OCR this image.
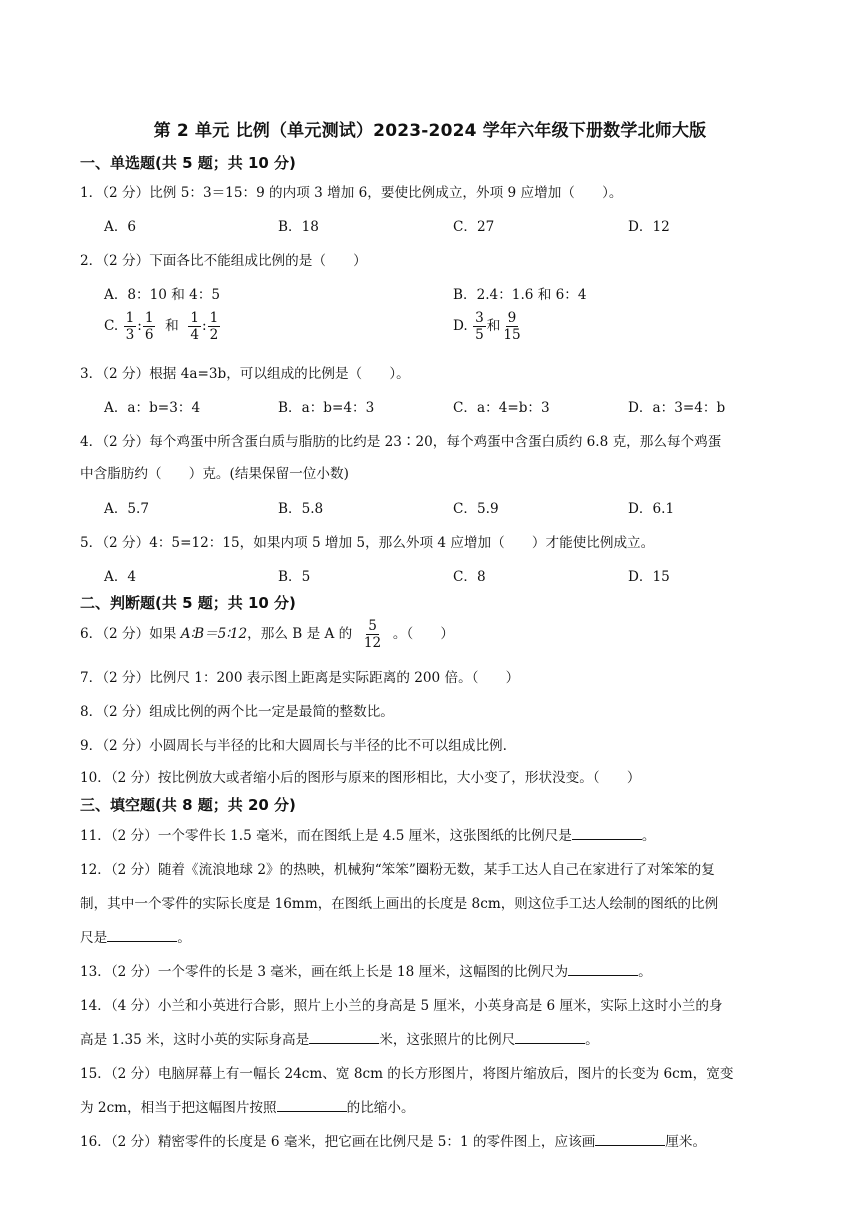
第 2 单元 比例（单元测试）2023-2024 学年六年级下册数学北师大版
一、单选题(共 5 题；共 10 分)
1．（2 分）比例 5：3＝15：9 的内项 3 增加 6，要使比例成立，外项 9 应增加（　　）。
A．6	B．18	C．27	D．12
2．（2 分）下面各比不能组成比例的是（　　）
A．8：10 和 4：5	B．2.4：1.6 和 6：4
C. $\frac{1}{3}$ : $\frac{1}{6}$ 和 $\frac{1}{4}$ : $\frac{1}{2}$	D. $\frac{3}{5}$ 和 $\frac{9}{15}$
3．（2 分）根据 4a=3b，可以组成的比例是（　　）。
A．a：b=3：4	B．a：b=4：3	C．a：4=b：3	D．a：3=4：b
4．（2 分）每个鸡蛋中所含蛋白质与脂肪的比约是 23∶20，每个鸡蛋中含蛋白质约 6.8 克，那么每个鸡蛋
中含脂肪约（　　）克。(结果保留一位小数)
A．5.7	B．5.8	C．5.9	D．6.1
5．（2 分）4：5=12：15，如果内项 5 增加 5，那么外项 4 应增加（　　）才能使比例成立。
A．4	B．5	C．8	D．15
二、判断题(共 5 题；共 10 分)
6．（2 分）如果 A∶B＝5∶12，那么 B 是 A 的 $\frac{5}{12}$ 。（　　）
7．（2 分）比例尺 1：200 表示图上距离是实际距离的 200 倍。（　　）
8．（2 分）组成比例的两个比一定是最简的整数比。
9．（2 分）小圆周长与半径的比和大圆周长与半径的比不可以组成比例.
10．（2 分）按比例放大或者缩小后的图形与原来的图形相比，大小变了，形状没变。（　　）
三、填空题(共 8 题；共 20 分)
11．（2 分）一个零件长 1.5 毫米，而在图纸上是 4.5 厘米，这张图纸的比例尺是	。
12．（2 分）随着《流浪地球 2》的热映，机械狗“笨笨”圈粉无数，某手工达人自己在家进行了对笨笨的复
制，其中一个零件的实际长度是 16mm，在图纸上画出的长度是 8cm，则这位手工达人绘制的图纸的比例
尺是	。
13．（2 分）一个零件的长是 3 毫米，画在纸上长是 18 厘米，这幅图的比例尺为	。
14．（4 分）小兰和小英进行合影，照片上小兰的身高是 5 厘米，小英身高是 6 厘米，实际上这时小兰的身
高是 1.35 米，这时小英的实际身高是	米，这张照片的比例尺	。
15．（2 分）电脑屏幕上有一幅长 24cm、宽 8cm 的长方形图片，将图片缩放后，图片的长变为 6cm，宽变
为 2cm，相当于把这幅图片按照	的比缩小。
16．（2 分）精密零件的长度是 6 毫米，把它画在比例尺是 5：1 的零件图上，应该画	厘米。
